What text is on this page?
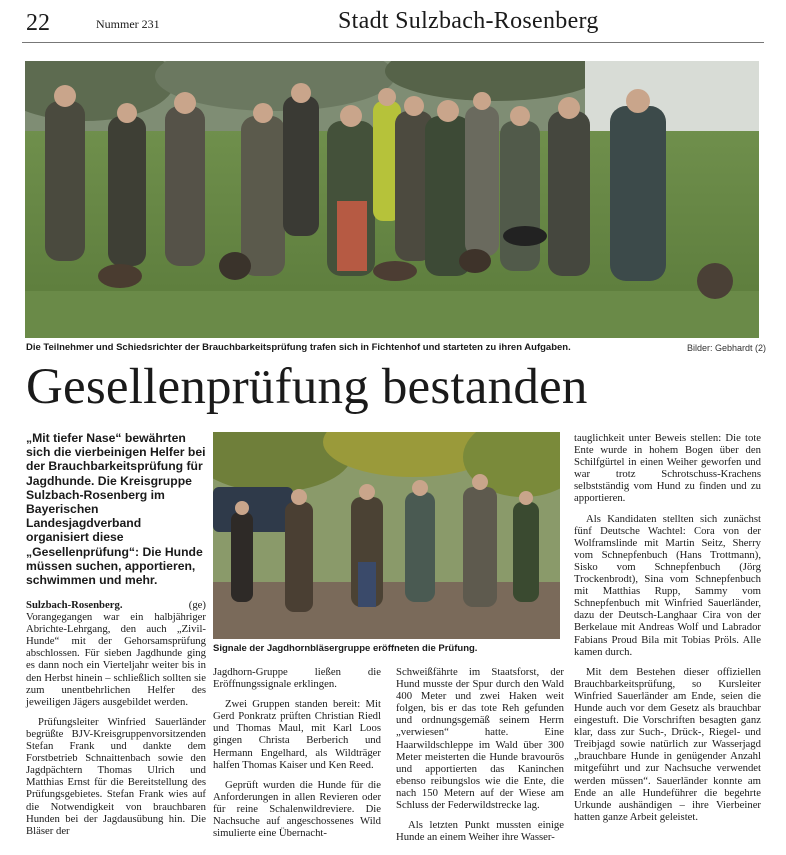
22	Nummer 231	Stadt Sulzbach-Rosenberg
Die Teilnehmer und Schiedsrichter der Brauchbarkeitsprüfung trafen sich in Fichtenhof und starteten zu ihren Aufgaben.	Bilder: Gebhardt (2)
Gesellenprüfung bestanden
„Mit tiefer Nase“ bewährten sich die vierbeinigen Helfer bei der Brauchbarkeitsprüfung für Jagdhunde. Die Kreisgruppe Sulzbach-Rosenberg im Bayerischen Landesjagdverband organisiert diese „Gesellenprüfung“: Die Hunde müssen suchen, apportieren, schwimmen und mehr.

Sulzbach-Rosenberg.	(ge) Vorangegangen war ein halbjähriger Abrichte-Lehrgang, den auch „Zivil-Hunde“ mit der Gehorsamsprüfung abschlossen. Für sieben Jagdhunde ging es dann noch ein Vierteljahr weiter bis in den Herbst hinein – schließlich sollten sie zum unentbehrlichen Helfer des jeweiligen Jägers ausgebildet werden.

Prüfungsleiter Winfried Sauerländer begrüßte BJV-Kreisgruppenvorsitzenden Stefan Frank und dankte dem Forstbetrieb Schnaittenbach sowie den Jagdpächtern Thomas Ulrich und Matthias Ernst für die Bereitstellung des Prüfungsgebietes. Stefan Frank wies auf die Notwendigkeit von brauchbaren Hunden bei der Jagdausübung hin. Die Bläser der

Signale der Jagdhornbläsergruppe eröffneten die Prüfung.

Jagdhorn-Gruppe ließen die Eröffnungssignale erklingen.

Zwei Gruppen standen bereit: Mit Gerd Ponkratz prüften Christian Riedl und Thomas Maul, mit Karl Loos gingen Christa Berberich und Hermann Engelhard, als Wildträger halfen Thomas Kaiser und Ken Reed.

Geprüft wurden die Hunde für die Anforderungen in allen Revieren oder für reine Schalenwildreviere. Die Nachsuche auf angeschossenes Wild simulierte eine Übernacht-

Schweißfährte im Staatsforst, der Hund musste der Spur durch den Wald 400 Meter und zwei Haken weit folgen, bis er das tote Reh gefunden und ordnungsgemäß seinem Herrn „verwiesen“ hatte. Eine Haarwildschleppe im Wald über 300 Meter meisterten die Hunde bravourös und apportierten das Kaninchen ebenso reibungslos wie die Ente, die nach 150 Metern auf der Wiese am Schluss der Federwildstrecke lag.

Als letzten Punkt mussten einige Hunde an einem Weiher ihre Wasser-

tauglichkeit unter Beweis stellen: Die tote Ente wurde in hohem Bogen über den Schilfgürtel in einen Weiher geworfen und war trotz Schrotschuss-Krachens selbstständig vom Hund zu finden und zu apportieren.

Als Kandidaten stellten sich zunächst fünf Deutsche Wachtel: Cora von der Wolframslinde mit Martin Seitz, Sherry vom Schnepfenbuch (Hans Trottmann), Sisko vom Schnepfenbuch (Jörg Trockenbrodt), Sina vom Schnepfenbuch mit Matthias Rupp, Sammy vom Schnepfenbuch mit Winfried Sauerländer, dazu der Deutsch-Langhaar Cira von der Berkelaue mit Andreas Wolf und Labrador Fabians Proud Bila mit Tobias Pröls. Alle kamen durch.

Mit dem Bestehen dieser offiziellen Brauchbarkeitsprüfung, so Kursleiter Winfried Sauerländer am Ende, seien die Hunde auch vor dem Gesetz als brauchbar eingestuft. Die Vorschriften besagten ganz klar, dass zur Such-, Drück-, Riegel- und Treibjagd sowie natürlich zur Wasserjagd „brauchbare Hunde in genügender Anzahl mitgeführt und zur Nachsuche verwendet werden müssen“. Sauerländer konnte am Ende an alle Hundeführer die begehrte Urkunde aushändigen – ihre Vierbeiner hatten ganze Arbeit geleistet.
